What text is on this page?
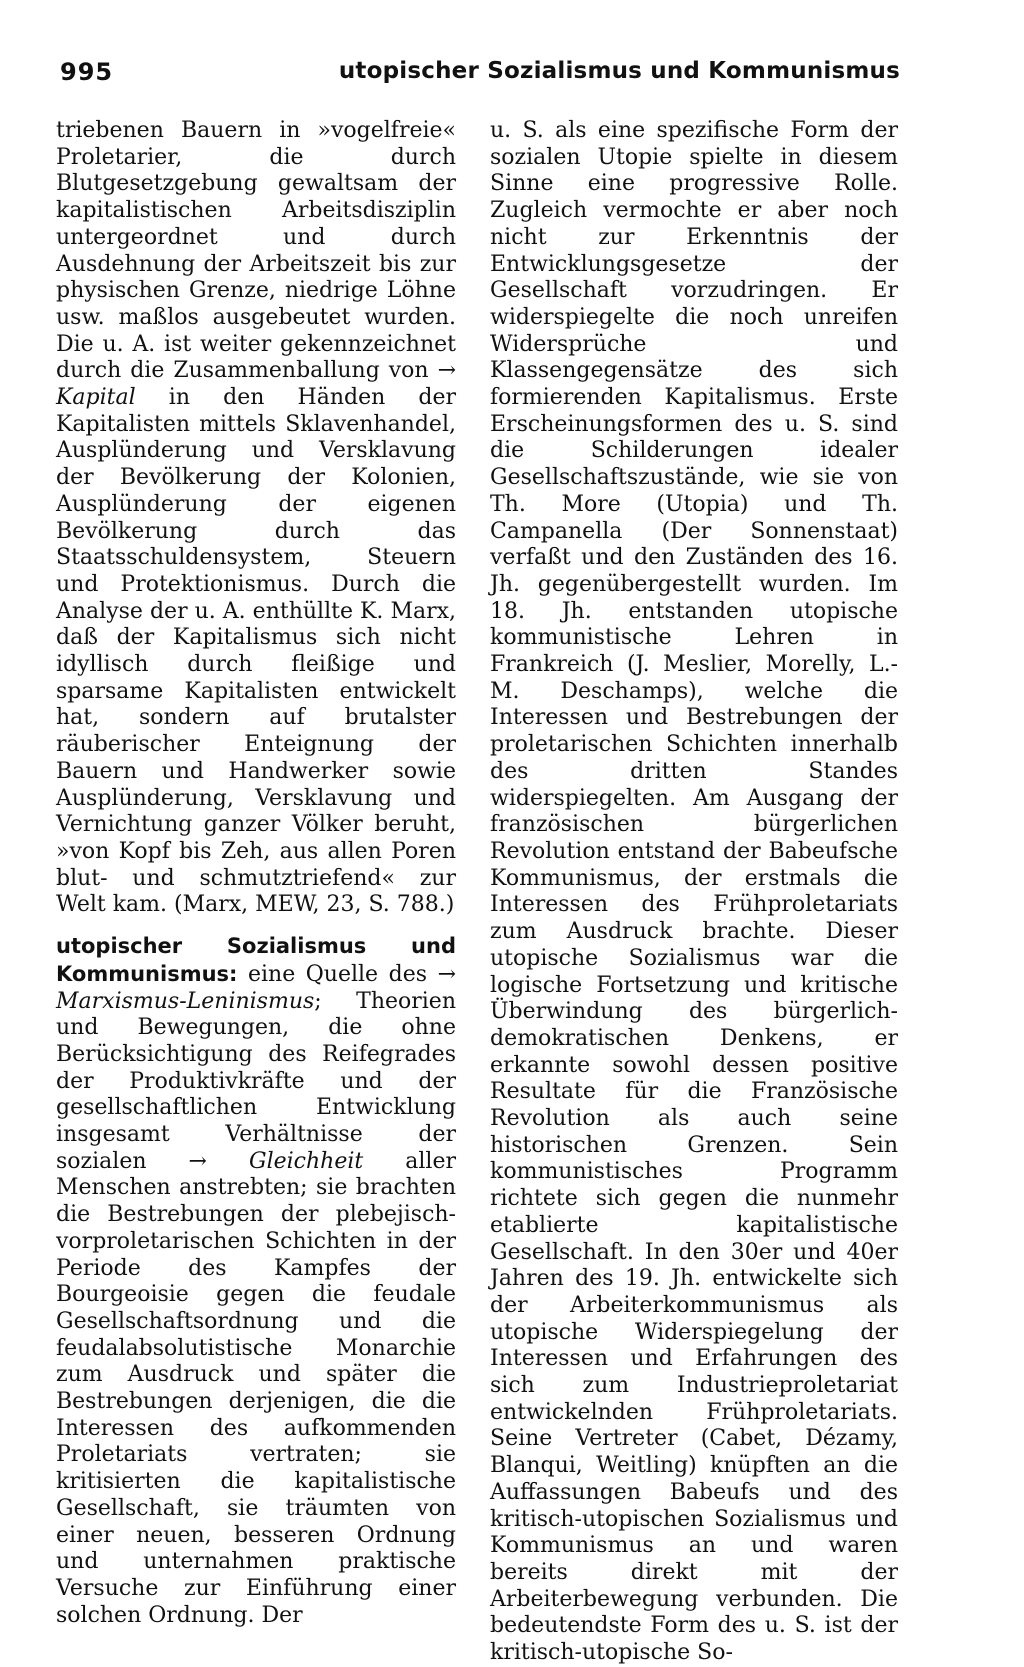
995	utopischer Sozialismus und Kommunismus

triebenen Bauern in »vogelfreie« Proletarier, die durch Blutgesetzgebung gewaltsam der kapitalistischen Arbeitsdisziplin untergeordnet und durch Ausdehnung der Arbeitszeit bis zur physischen Grenze, niedrige Löhne usw. maßlos ausgebeutet wurden. Die u. A. ist weiter gekennzeichnet durch die Zusammenballung von → Kapital in den Händen der Kapitalisten mittels Sklavenhandel, Ausplünderung und Versklavung der Bevölkerung der Kolonien, Ausplünderung der eigenen Bevölkerung durch das Staatsschuldensystem, Steuern und Protektionismus. Durch die Analyse der u. A. enthüllte K. Marx, daß der Kapitalismus sich nicht idyllisch durch fleißige und sparsame Kapitalisten entwickelt hat, sondern auf brutalster räuberischer Enteignung der Bauern und Handwerker sowie Ausplünderung, Versklavung und Vernichtung ganzer Völker beruht, »von Kopf bis Zeh, aus allen Poren blut- und schmutztriefend« zur Welt kam. (Marx, MEW, 23, S. 788.)

utopischer Sozialismus und Kommunismus: eine Quelle des → Marxismus-Leninismus; Theorien und Bewegungen, die ohne Berücksichtigung des Reifegrades der Produktivkräfte und der gesellschaftlichen Entwicklung insgesamt Verhältnisse der sozialen → Gleichheit aller Menschen anstrebten; sie brachten die Bestrebungen der plebejisch-vorproletarischen Schichten in der Periode des Kampfes der Bourgeoisie gegen die feudale Gesellschaftsordnung und die feudalabsolutistische Monarchie zum Ausdruck und später die Bestrebungen derjenigen, die die Interessen des aufkommenden Proletariats vertraten; sie kritisierten die kapitalistische Gesellschaft, sie träumten von einer neuen, besseren Ordnung und unternahmen praktische Versuche zur Einführung einer solchen Ordnung. Der

u. S. als eine spezifische Form der sozialen Utopie spielte in diesem Sinne eine progressive Rolle. Zugleich vermochte er aber noch nicht zur Erkenntnis der Entwicklungsgesetze der Gesellschaft vorzudringen. Er widerspiegelte die noch unreifen Widersprüche und Klassengegensätze des sich formierenden Kapitalismus. Erste Erscheinungsformen des u. S. sind die Schilderungen idealer Gesellschaftszustände, wie sie von Th. More (Utopia) und Th. Campanella (Der Sonnenstaat) verfaßt und den Zuständen des 16. Jh. gegenübergestellt wurden. Im 18. Jh. entstanden utopische kommunistische Lehren in Frankreich (J. Meslier, Morelly, L.-M. Deschamps), welche die Interessen und Bestrebungen der proletarischen Schichten innerhalb des dritten Standes widerspiegelten. Am Ausgang der französischen bürgerlichen Revolution entstand der Babeufsche Kommunismus, der erstmals die Interessen des Frühproletariats zum Ausdruck brachte. Dieser utopische Sozialismus war die logische Fortsetzung und kritische Überwindung des bürgerlich-demokratischen Denkens, er erkannte sowohl dessen positive Resultate für die Französische Revolution als auch seine historischen Grenzen. Sein kommunistisches Programm richtete sich gegen die nunmehr etablierte kapitalistische Gesellschaft. In den 30er und 40er Jahren des 19. Jh. entwickelte sich der Arbeiterkommunismus als utopische Widerspiegelung der Interessen und Erfahrungen des sich zum Industrieproletariat entwickelnden Frühproletariats. Seine Vertreter (Cabet, Dézamy, Blanqui, Weitling) knüpften an die Auffassungen Babeufs und des kritisch-utopischen Sozialismus und Kommunismus an und waren bereits direkt mit der Arbeiterbewegung verbunden. Die bedeutendste Form des u. S. ist der kritisch-utopische So-
